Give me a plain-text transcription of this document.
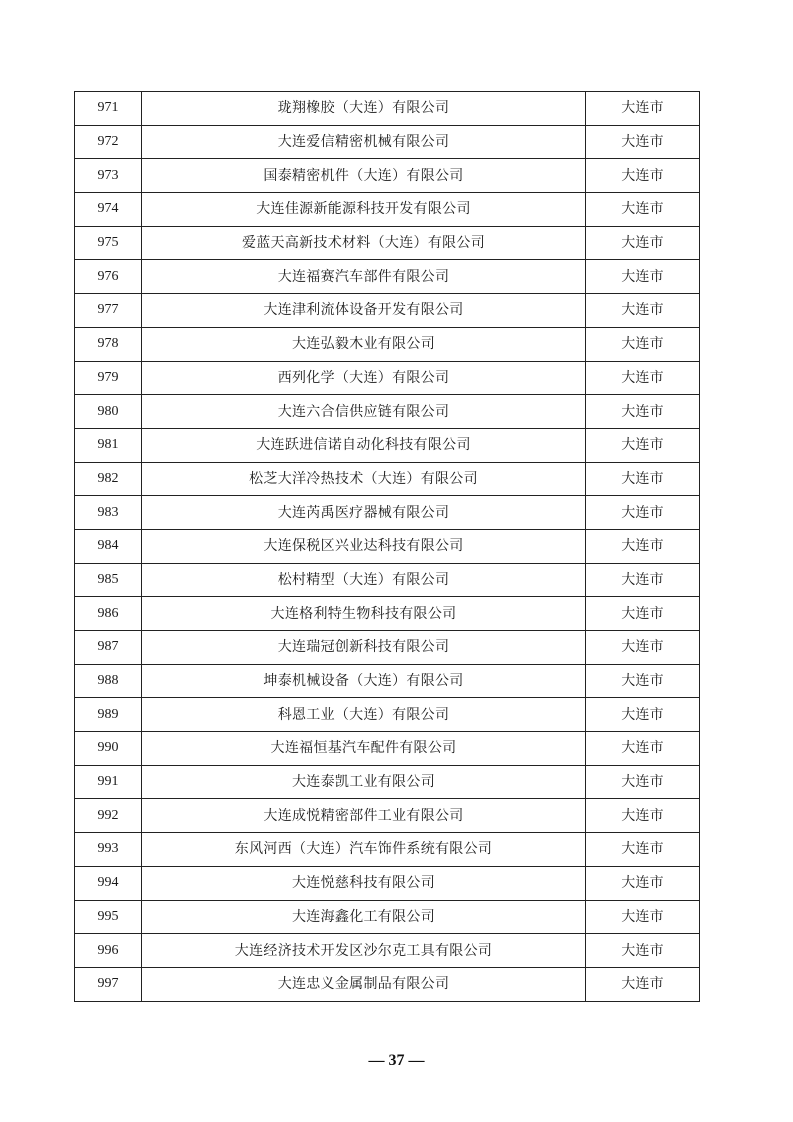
971	珑翔橡胶（大连）有限公司	大连市
972	大连爱信精密机械有限公司	大连市
973	国泰精密机件（大连）有限公司	大连市
974	大连佳源新能源科技开发有限公司	大连市
975	爱蓝天高新技术材料（大连）有限公司	大连市
976	大连福赛汽车部件有限公司	大连市
977	大连津利流体设备开发有限公司	大连市
978	大连弘毅木业有限公司	大连市
979	西列化学（大连）有限公司	大连市
980	大连六合信供应链有限公司	大连市
981	大连跃进信诺自动化科技有限公司	大连市
982	松芝大洋冷热技术（大连）有限公司	大连市
983	大连芮禹医疗器械有限公司	大连市
984	大连保税区兴业达科技有限公司	大连市
985	松村精型（大连）有限公司	大连市
986	大连格利特生物科技有限公司	大连市
987	大连瑞冠创新科技有限公司	大连市
988	坤泰机械设备（大连）有限公司	大连市
989	科恩工业（大连）有限公司	大连市
990	大连福恒基汽车配件有限公司	大连市
991	大连泰凯工业有限公司	大连市
992	大连成悦精密部件工业有限公司	大连市
993	东风河西（大连）汽车饰件系统有限公司	大连市
994	大连悦慈科技有限公司	大连市
995	大连海鑫化工有限公司	大连市
996	大连经济技术开发区沙尔克工具有限公司	大连市
997	大连忠义金属制品有限公司	大连市
— 37 —
